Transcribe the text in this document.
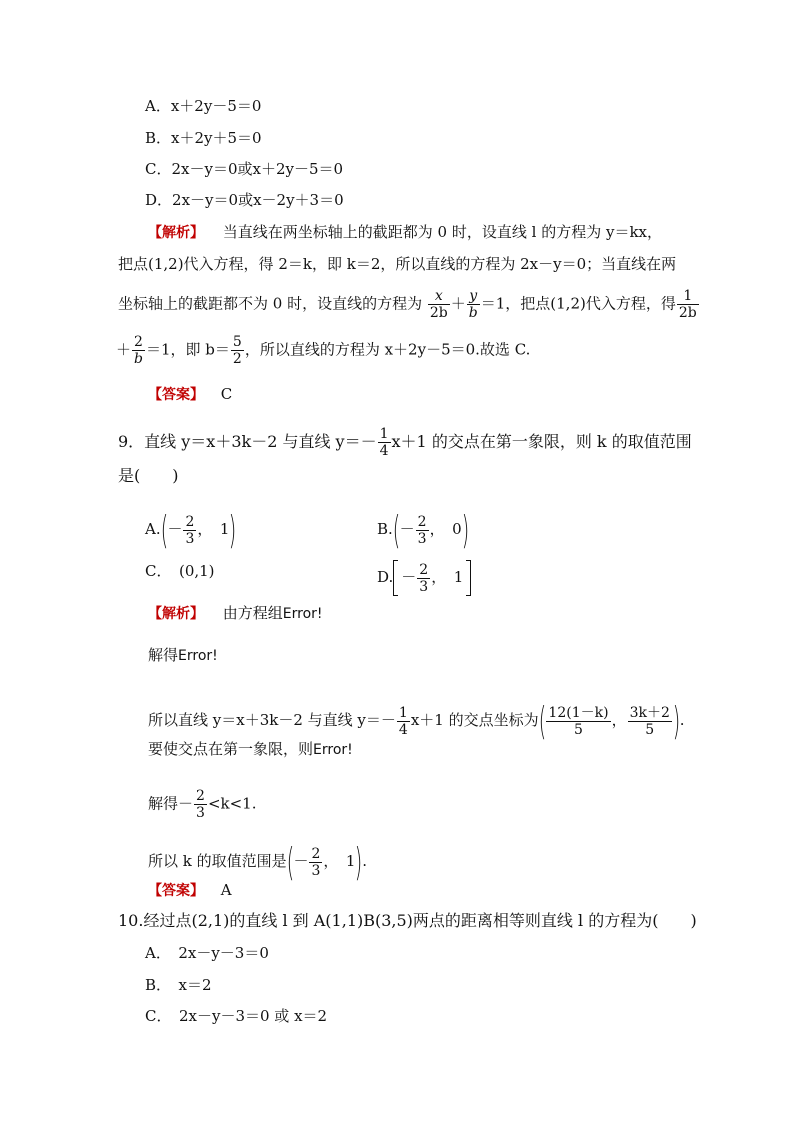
A．x＋2y－5＝0
B．x＋2y＋5＝0
C．2x－y＝0或x＋2y－5＝0
D．2x－y＝0或x－2y＋3＝0
【解析】 当直线在两坐标轴上的截距都为 0 时，设直线 l 的方程为 y＝kx，
把点(1,2)代入方程，得 2＝k，即 k＝2，所以直线的方程为 2x－y＝0；当直线在两
坐标轴上的截距都不为 0 时，设直线的方程为 $\frac{x}{2b} + \frac{y}{b} =1$，把点(1,2)代入方程，得 $\frac{1}{2b}$
＋ $\frac{2}{b} =1$，即 $b= \frac{5}{2}$ ，所以直线的方程为 x＋2y－5＝0.故选 C.
【答案】 C
9．直线 y＝x＋3k－2 与直线 $y=- \frac{1}{4} x+1$ 的交点在第一象限，则 k 的取值范围
是(　　)
$A.(- \frac{2}{3}$ ，　1)	$B.(- \frac{2}{3}$ ，　0)
C．　(0,1)	D. － $\frac{2}{3}$ ，　1
【解析】 由方程组Error!
解得Error!
所以直线 y＝x＋3k－2 与直线 $y=- \frac{1}{4} x+1$ 的交点坐标为( $\frac{12(1-k)}{5}$ ， $\frac{3k+2}{5}$ ).
要使交点在第一象限，则Error!
解得－ $\frac{2}{3} <k<1$.
所以 k 的取值范围是(－ $\frac{2}{3}$ ，　1).
【答案】 A
10.经过点(2,1)的直线 l 到 A(1,1)B(3,5)两点的距离相等则直线 l 的方程为(　　)
A．　2x－y－3＝0
B．　x＝2
C．　2x－y－3＝0 或 x＝2
